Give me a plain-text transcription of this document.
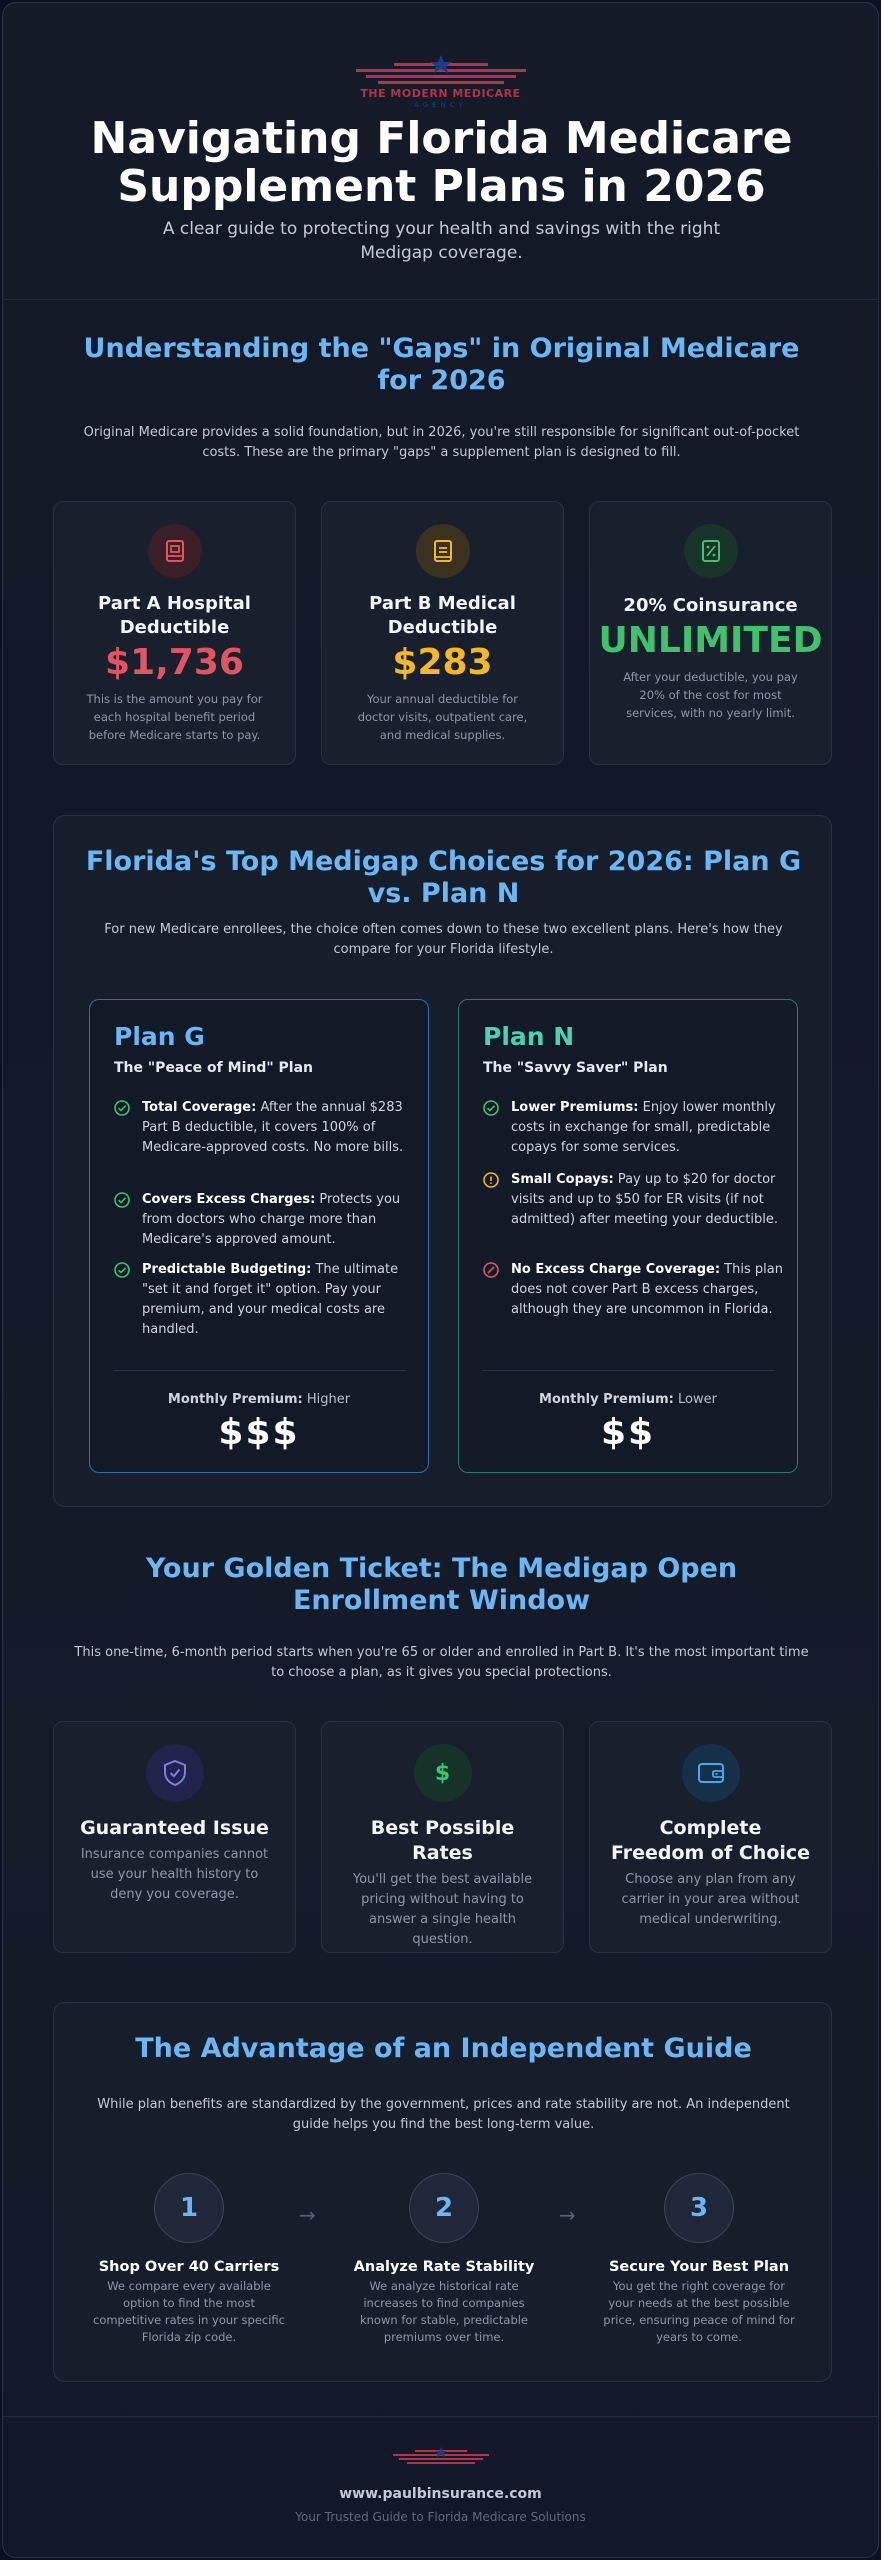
THE MODERN MEDICARE
AGENCY
Navigating Florida Medicare Supplement Plans in 2026
A clear guide to protecting your health and savings with the right Medigap coverage.
Understanding the "Gaps" in Original Medicare for 2026
Original Medicare provides a solid foundation, but in 2026, you're still responsible for significant out-of-pocket costs. These are the primary "gaps" a supplement plan is designed to fill.
Part A Hospital Deductible
$1,736
This is the amount you pay for each hospital benefit period before Medicare starts to pay.
Part B Medical Deductible
$283
Your annual deductible for doctor visits, outpatient care, and medical supplies.
20% Coinsurance
UNLIMITED
After your deductible, you pay 20% of the cost for most services, with no yearly limit.
Florida's Top Medigap Choices for 2026: Plan G vs. Plan N
For new Medicare enrollees, the choice often comes down to these two excellent plans. Here's how they compare for your Florida lifestyle.
Plan G
The "Peace of Mind" Plan
Total Coverage: After the annual $283 Part B deductible, it covers 100% of Medicare-approved costs. No more bills.
Covers Excess Charges: Protects you from doctors who charge more than Medicare's approved amount.
Predictable Budgeting: The ultimate "set it and forget it" option. Pay your premium, and your medical costs are handled.
Monthly Premium: Higher
$$$
Plan N
The "Savvy Saver" Plan
Lower Premiums: Enjoy lower monthly costs in exchange for small, predictable copays for some services.
Small Copays: Pay up to $20 for doctor visits and up to $50 for ER visits (if not admitted) after meeting your deductible.
No Excess Charge Coverage: This plan does not cover Part B excess charges, although they are uncommon in Florida.
Monthly Premium: Lower
$$
Your Golden Ticket: The Medigap Open Enrollment Window
This one-time, 6-month period starts when you're 65 or older and enrolled in Part B. It's the most important time to choose a plan, as it gives you special protections.
Guaranteed Issue
Insurance companies cannot use your health history to deny you coverage.
$
Best Possible Rates
You'll get the best available pricing without having to answer a single health question.
Complete Freedom of Choice
Choose any plan from any carrier in your area without medical underwriting.
The Advantage of an Independent Guide
While plan benefits are standardized by the government, prices and rate stability are not. An independent guide helps you find the best long-term value.
1
Shop Over 40 Carriers
We compare every available option to find the most competitive rates in your specific Florida zip code.
→	2
Analyze Rate Stability
We analyze historical rate increases to find companies known for stable, predictable premiums over time.
→	3
Secure Your Best Plan
You get the right coverage for your needs at the best possible price, ensuring peace of mind for years to come.
www.paulbinsurance.com
Your Trusted Guide to Florida Medicare Solutions
